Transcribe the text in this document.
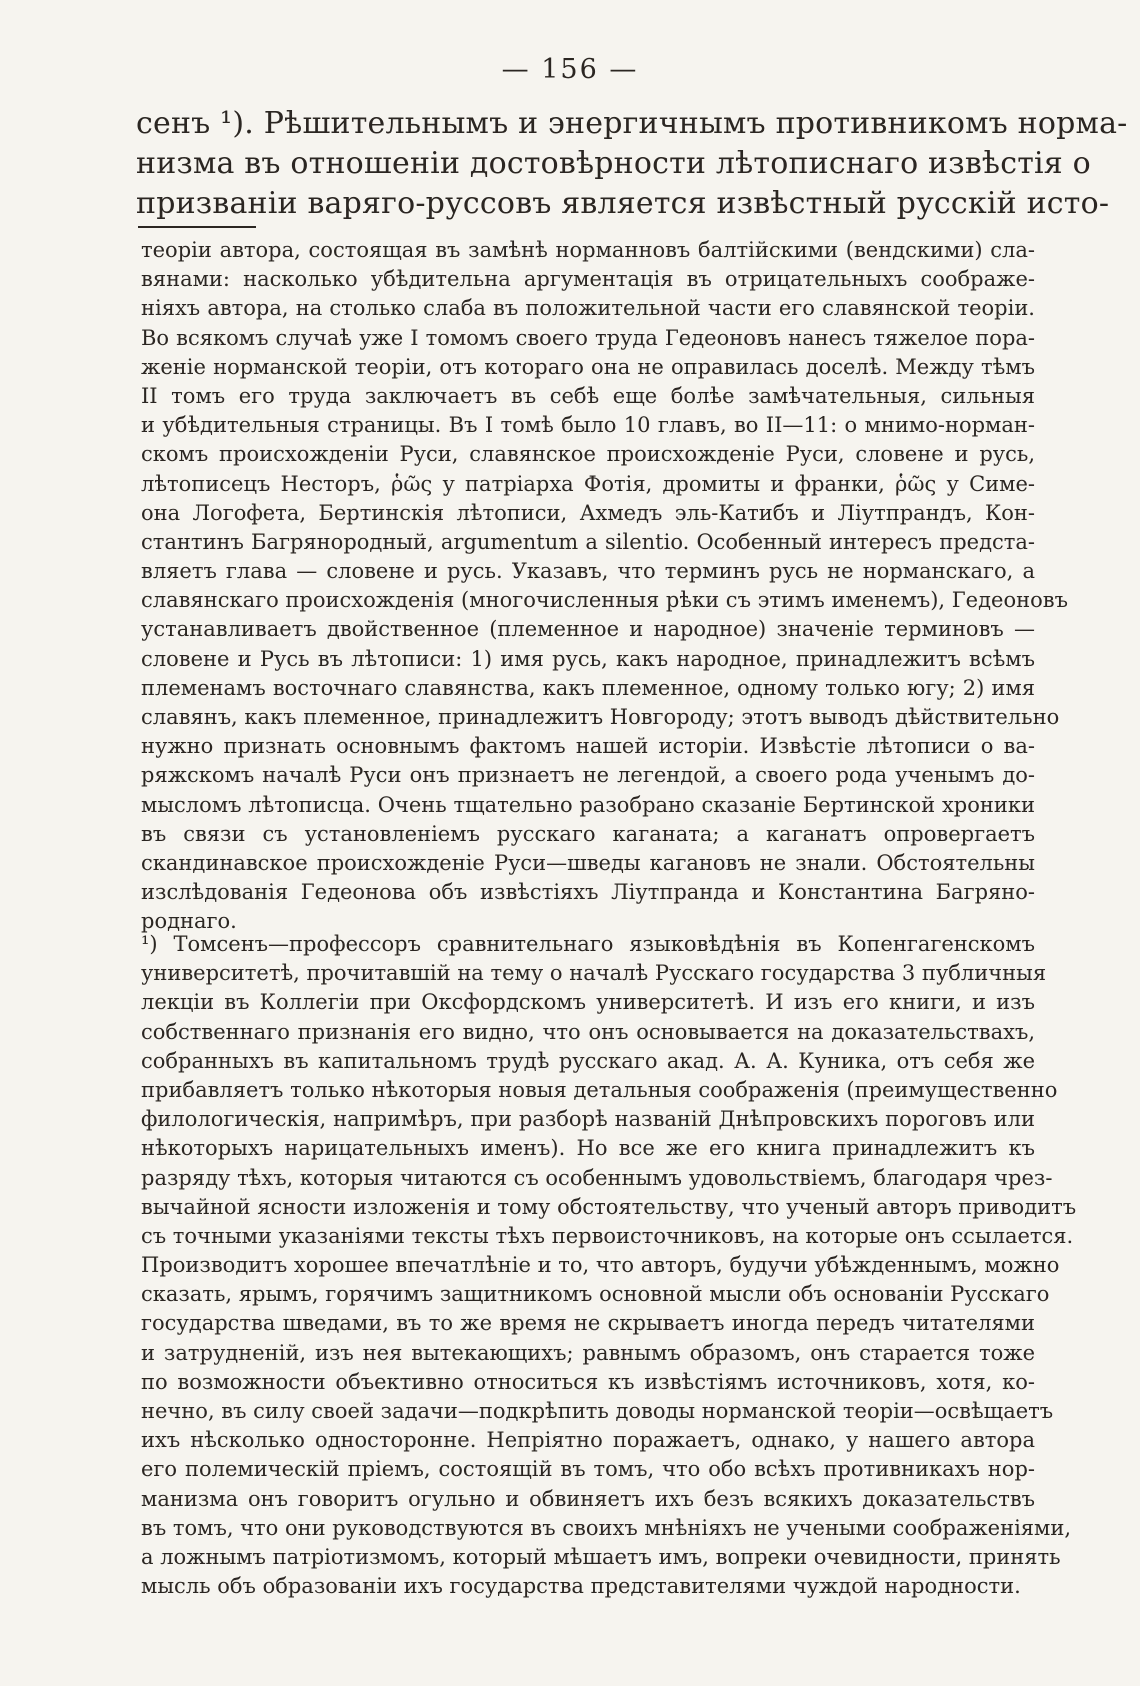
— 156 —
сенъ ¹). Рѣшительнымъ и энергичнымъ противникомъ норма-
низма въ отношеніи достовѣрности лѣтописнаго извѣстія о
призваніи варяго-руссовъ является извѣстный русскій исто-
теоріи автора, состоящая въ замѣнѣ норманновъ балтійскими (вендскими) сла-
вянами: насколько убѣдительна аргументація въ отрицательныхъ соображе-
ніяхъ автора, на столько слаба въ положительной части его славянской теоріи.
Во всякомъ случаѣ уже I томомъ своего труда Гедеоновъ нанесъ тяжелое пора-
женіе норманской теоріи, отъ котораго она не оправилась доселѣ. Между тѣмъ
II томъ его труда заключаетъ въ себѣ еще болѣе замѣчательныя, сильныя
и убѣдительныя страницы. Въ I томѣ было 10 главъ, во II—11: о мнимо-норман-
скомъ происхожденіи Руси, славянское происхожденіе Руси, словене и русь,
лѣтописецъ Несторъ, ῥῶς у патріарха Фотія, дромиты и франки, ῥῶς у Симе-
она Логофета, Бертинскія лѣтописи, Ахмедъ эль-Катибъ и Ліутпрандъ, Кон-
стантинъ Багрянородный, argumentum a silentio. Особенный интересъ предста-
вляетъ глава — словене и русь. Указавъ, что терминъ русь не норманскаго, а
славянскаго происхожденія (многочисленныя рѣки съ этимъ именемъ), Гедеоновъ
устанавливаетъ двойственное (племенное и народное) значеніе терминовъ —
словене и Русь въ лѣтописи: 1) имя русь, какъ народное, принадлежитъ всѣмъ
племенамъ восточнаго славянства, какъ племенное, одному только югу; 2) имя
славянъ, какъ племенное, принадлежитъ Новгороду; этотъ выводъ дѣйствительно
нужно признать основнымъ фактомъ нашей исторіи. Извѣстіе лѣтописи о ва-
ряжскомъ началѣ Руси онъ признаетъ не легендой, а своего рода ученымъ до-
мысломъ лѣтописца. Очень тщательно разобрано сказаніе Бертинской хроники
въ связи съ установленіемъ русскаго каганата; а каганатъ опровергаетъ
скандинавское происхожденіе Руси—шведы кагановъ не знали. Обстоятельны
изслѣдованія Гедеонова объ извѣстіяхъ Ліутпранда и Константина Багряно-
роднаго.
¹) Томсенъ—профессоръ сравнительнаго языковѣдѣнія въ Копенгагенскомъ
университетѣ, прочитавшій на тему о началѣ Русскаго государства 3 публичныя
лекціи въ Коллегіи при Оксфордскомъ университетѣ. И изъ его книги, и изъ
собственнаго признанія его видно, что онъ основывается на доказательствахъ,
собранныхъ въ капитальномъ трудѣ русскаго акад. А. А. Куника, отъ себя же
прибавляетъ только нѣкоторыя новыя детальныя соображенія (преимущественно
филологическія, напримѣръ, при разборѣ названій Днѣпровскихъ пороговъ или
нѣкоторыхъ нарицательныхъ именъ). Но все же его книга принадлежитъ къ
разряду тѣхъ, которыя читаются съ особеннымъ удовольствіемъ, благодаря чрез-
вычайной ясности изложенія и тому обстоятельству, что ученый авторъ приводитъ
съ точными указаніями тексты тѣхъ первоисточниковъ, на которые онъ ссылается.
Производитъ хорошее впечатлѣніе и то, что авторъ, будучи убѣжденнымъ, можно
сказать, ярымъ, горячимъ защитникомъ основной мысли объ основаніи Русскаго
государства шведами, въ то же время не скрываетъ иногда передъ читателями
и затрудненій, изъ нея вытекающихъ; равнымъ образомъ, онъ старается тоже
по возможности объективно относиться къ извѣстіямъ источниковъ, хотя, ко-
нечно, въ силу своей задачи—подкрѣпить доводы норманской теоріи—освѣщаетъ
ихъ нѣсколько односторонне. Непріятно поражаетъ, однако, у нашего автора
его полемическій пріемъ, состоящій въ томъ, что обо всѣхъ противникахъ нор-
манизма онъ говоритъ огульно и обвиняетъ ихъ безъ всякихъ доказательствъ
въ томъ, что они руководствуются въ своихъ мнѣніяхъ не учеными соображеніями,
а ложнымъ патріотизмомъ, который мѣшаетъ имъ, вопреки очевидности, принять
мысль объ образованіи ихъ государства представителями чуждой народности.
